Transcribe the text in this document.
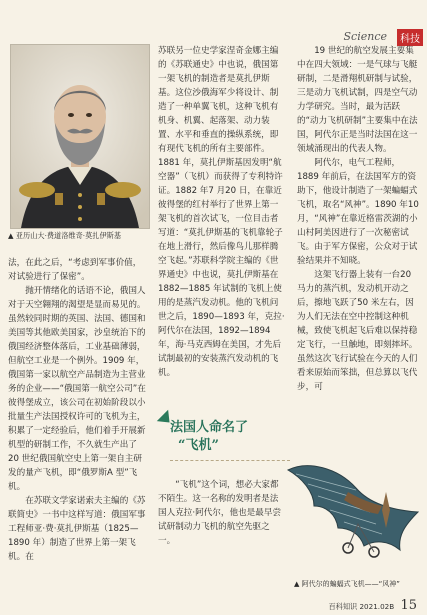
Science	科技
▲ 亚历山大·费道洛维奇·莫扎伊斯基

法，在此之后，“考虑到军事价值，对试验进行了保密”。

抛开情绪化的话语不论，俄国人对于天空翱翔的渴望是显而易见的。虽然较同时期的英国、法国、德国和美国等其他欧美国家，沙皇统治下的俄国经济整体落后，工业基础薄弱，但航空工业是一个例外。1909 年，俄国第一家以航空产品制造为主营业务的企业——“俄国第一航空公司”在彼得堡成立，该公司在初始阶段以小批量生产法国授权许可的飞机为主，积累了一定经验后，他们着手开展新机型的研制工作，不久就生产出了20 世纪俄国航空史上第一架自主研发的量产飞机，即“俄罗斯A 型”飞机。

在苏联文学家诺索夫主编的《苏联简史》一书中这样写道：俄国军事工程师亚·费·莫扎伊斯基（1825—1890 年）制造了世界上第一架飞机。在

苏联另一位史学家涅奇金娜主编的《苏联通史》中也说，俄国第一架飞机的制造者是莫扎伊斯基。这位沙俄海军少将设计、制造了一种单翼飞机，这种飞机有机身、机翼、起落架、动力装置、水平和垂直的操纵系统，即有现代飞机的所有主要部件。1881 年，莫扎伊斯基因发明“航空器”（飞机）而获得了专利特许证。1882 年7 月20 日，在靠近彼得堡的红村举行了世界上第一架飞机的首次试飞，一位目击者写道：“莫扎伊斯基的飞机靠轮子在地上滑行，然后像鸟儿那样腾空飞起。”苏联科学院主编的《世界通史》中也说，莫扎伊斯基在1882—1885 年试制的飞机上使用的是蒸汽发动机。他的飞机问世之后，1890—1893 年，克拉·阿代尔在法国，1892—1894 年，海·马克西姆在美国，才先后试制最初的安装蒸汽发动机的飞机。

法国人命名了
“飞机”

“飞机”这个词，想必大家都不陌生。这一名称的发明者是法国人克拉·阿代尔，他也是最早尝试研制动力飞机的航空先驱之一。

19 世纪的航空发展主要集中在四大领域：一是气球与飞艇研制，二是滑翔机研制与试验，三是动力飞机试制，四是空气动力学研究。当时，最为活跃的“动力飞机研制”主要集中在法国，阿代尔正是当时法国在这一领域涌现出的代表人物。

阿代尔，电气工程师，1889 年前后，在法国军方的资助下，他设计制造了一架蝙蝠式飞机，取名“风神”。1890 年10 月，“风神”在靠近格雷茨湖的小山村阿美因进行了一次秘密试飞。由于军方保密，公众对于试验结果并不知晓。

这架飞行器上装有一台20 马力的蒸汽机，发动机开动之后，擦地飞跃了50 米左右，因为人们无法在空中控制这种机械，致使飞机起飞后难以保持稳定飞行，一旦触地，即刻摔坏。虽然这次飞行试验在今天的人们看来原始而笨拙，但总算以飞代步，可

▲ 阿代尔的蝙蝠式飞机——“风神”
百科知识 2021.02B 15
